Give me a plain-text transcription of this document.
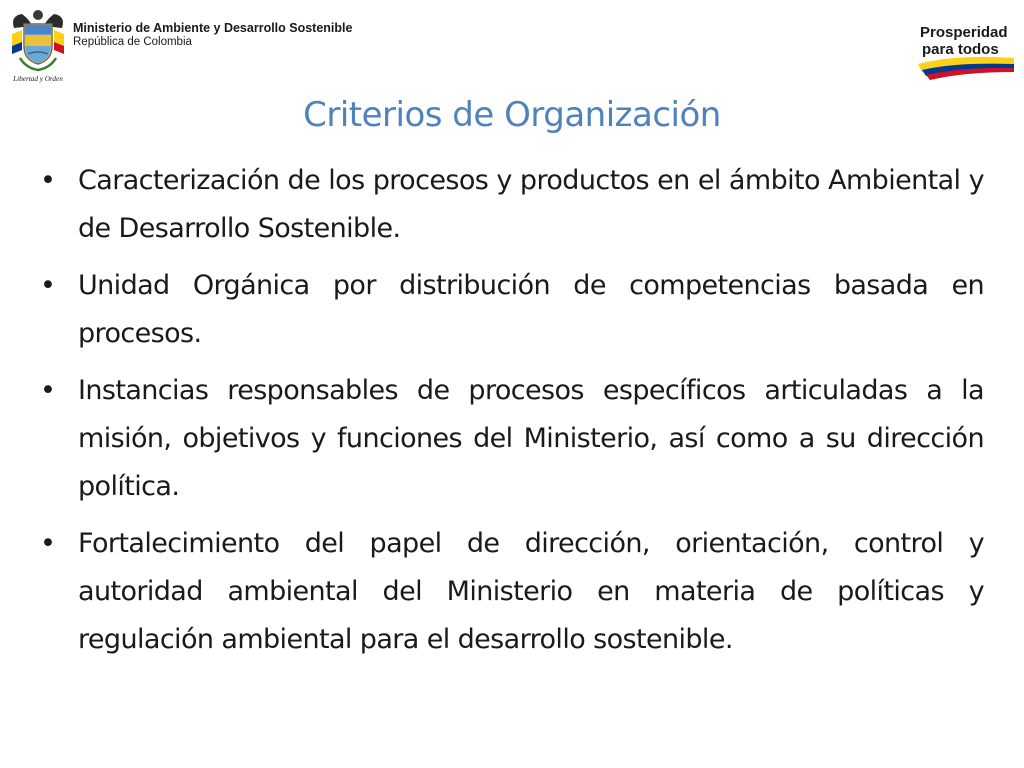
Libertad y Orden
Ministerio de Ambiente y Desarrollo Sostenible
República de Colombia
Prosperidad
para todos
Criterios de Organización
• Caracterización de los procesos y productos en el ámbito Ambiental y de Desarrollo Sostenible.
• Unidad Orgánica por distribución de competencias basada en procesos.
• Instancias responsables de procesos específicos articuladas a la misión, objetivos y funciones del Ministerio, así como a su dirección política.
• Fortalecimiento del papel de dirección, orientación, control y autoridad ambiental del Ministerio en materia de políticas y regulación ambiental para el desarrollo sostenible.
